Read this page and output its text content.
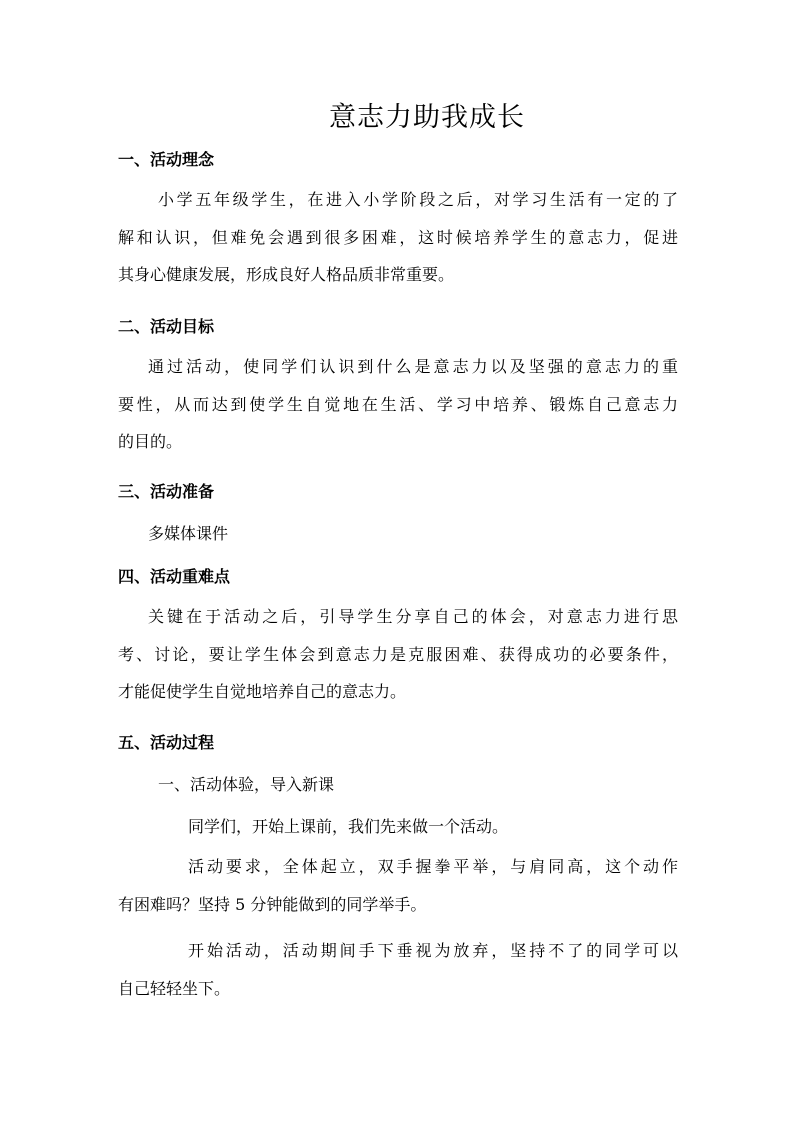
意志力助我成长
一、活动理念
小学五年级学生，在进入小学阶段之后，对学习生活有一定的了
解和认识，但难免会遇到很多困难，这时候培养学生的意志力，促进
其身心健康发展，形成良好人格品质非常重要。
二、活动目标
通过活动，使同学们认识到什么是意志力以及坚强的意志力的重
要性，从而达到使学生自觉地在生活、学习中培养、锻炼自己意志力
的目的。
三、活动准备

多媒体课件

四、活动重难点
关键在于活动之后，引导学生分享自己的体会，对意志力进行思
考、讨论，要让学生体会到意志力是克服困难、获得成功的必要条件，
才能促使学生自觉地培养自己的意志力。
五、活动过程

一、活动体验，导入新课

同学们，开始上课前，我们先来做一个活动。

活动要求，全体起立，双手握拳平举，与肩同高，这个动作
有困难吗？坚持 5 分钟能做到的同学举手。
开始活动，活动期间手下垂视为放弃，坚持不了的同学可以
自己轻轻坐下。
